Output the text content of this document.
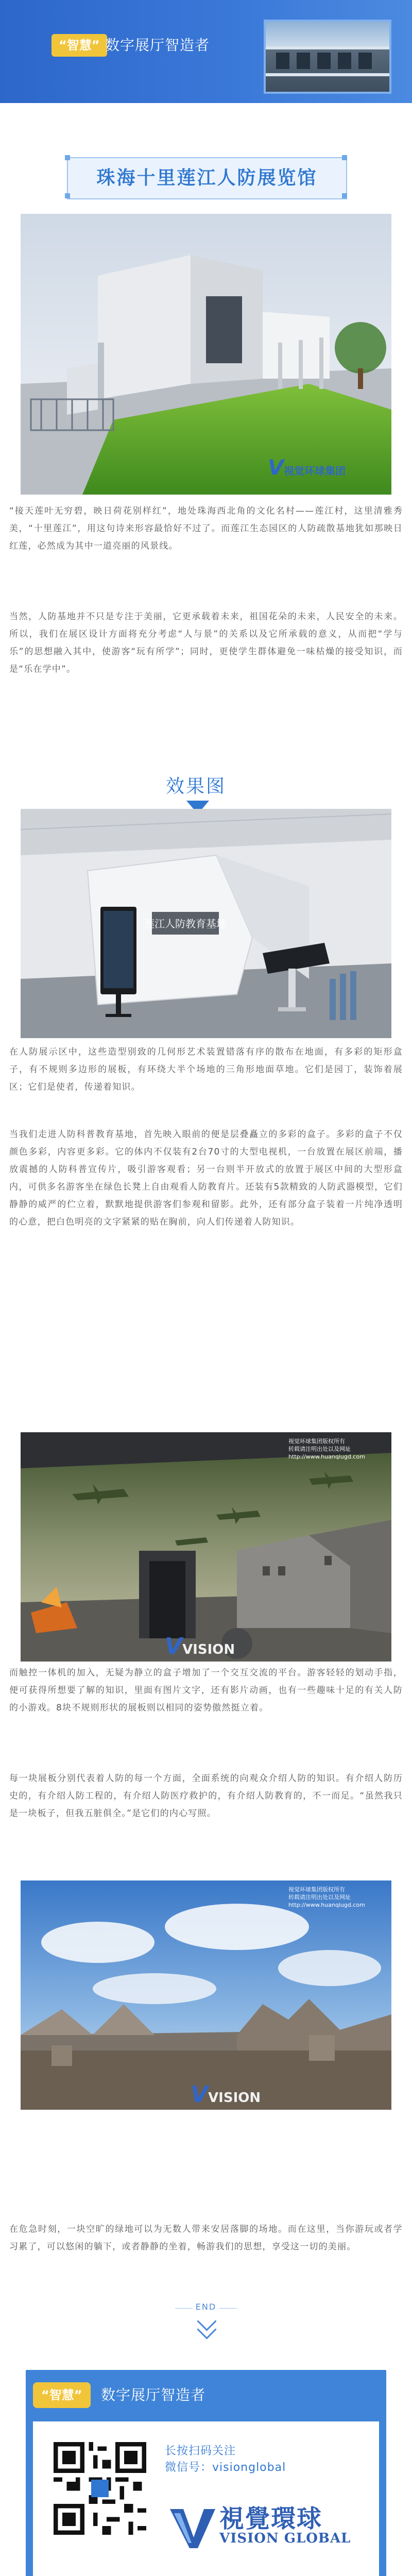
“智慧” 数字展厅智造者
珠海十里莲江人防展览馆
V视觉环球集团

“接天莲叶无穷碧，映日荷花别样红”，地处珠海西北角的文化名村——莲江村，这里清雅秀美，“十里莲江”，用这句诗来形容最恰好不过了。而莲江生态园区的人防疏散基地犹如那映日红莲，必然成为其中一道亮丽的风景线。

当然，人防基地并不只是专注于美丽，它更承载着未来，祖国花朵的未来，人民安全的未来。所以，我们在展区设计方面将充分考虑“人与景”的关系以及它所承载的意义，从而把“学与乐”的思想融入其中，使游客“玩有所学”；同时，更使学生群体避免一味枯燥的接受知识，而是“乐在学中”。

效果图
莲江人防教育基地

在人防展示区中，这些造型别致的几何形艺术装置错落有序的散布在地面，有多彩的矩形盒子，有不规则多边形的展板，有环绕大半个场地的三角形地面草地。它们是园丁，装饰着展区；它们是使者，传递着知识。

当我们走进人防科普教育基地，首先映入眼前的便是层叠矗立的多彩的盒子。多彩的盒子不仅颜色多彩，内容更多彩。它的体内不仅装有2台70寸的大型电视机，一台放置在展区前端，播放震撼的人防科普宣传片，吸引游客观看；另一台则半开放式的放置于展区中间的大型形盒内，可供多名游客坐在绿色长凳上自由观看人防教育片。还装有5款精致的人防武器模型，它们静静的威严的伫立着，默默地提供游客们参观和留影。此外，还有部分盒子装着一片纯净透明的心意，把白色明亮的文字紧紧的贴在胸前，向人们传递着人防知识。

VVISION
视觉环球集团版权所有
转载请注明出处以及网址
http://www.huanqiugd.com

而触控一体机的加入，无疑为静立的盒子增加了一个交互交流的平台。游客轻轻的划动手指，便可获得所想要了解的知识，里面有图片文字，还有影片动画，也有一些趣味十足的有关人防的小游戏。8块不规则形状的展板则以相同的姿势傲然挺立着。

每一块展板分别代表着人防的每一个方面，全面系统的向观众介绍人防的知识。有介绍人防历史的，有介绍人防工程的，有介绍人防医疗救护的，有介绍人防教育的，不一而足。“虽然我只是一块板子，但我五脏俱全。”是它们的内心写照。

VVISION
视觉环球集团版权所有
转载请注明出处以及网址
http://www.huanqiugd.com

在危急时刻，一块空旷的绿地可以为无数人带来安居落脚的场地。而在这里，当你游玩或者学习累了，可以悠闲的躺下，或者静静的坐着，畅游我们的思想，享受这一切的美丽。

END
“智慧”	数字展厅智造者
长按扫码关注
微信号：visionglobal
視覺環球
VISION GLOBAL
